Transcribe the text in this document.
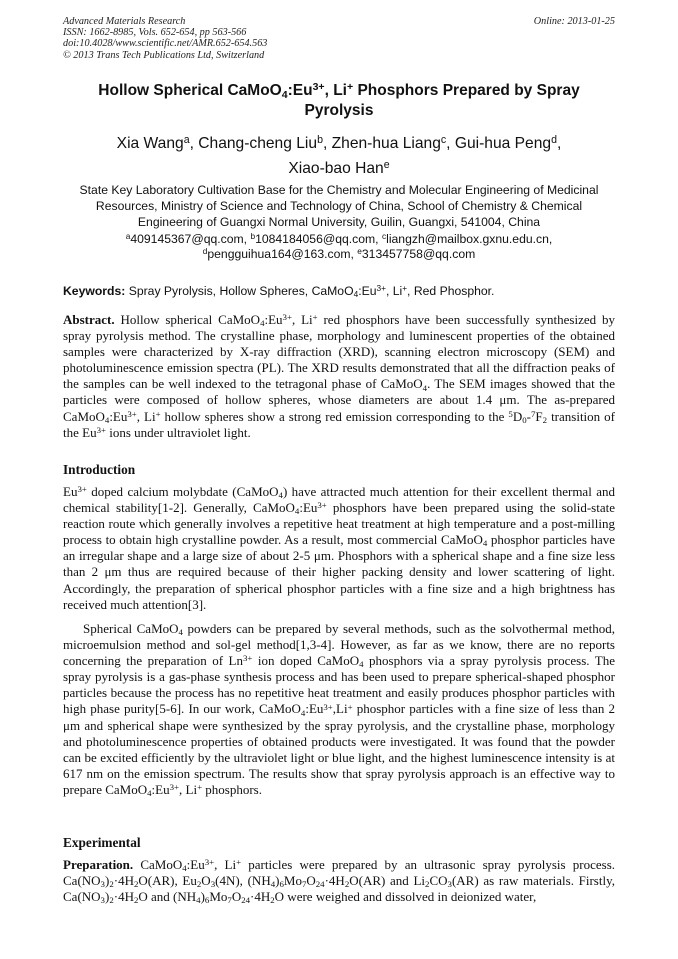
Advanced Materials Research
ISSN: 1662-8985, Vols. 652-654, pp 563-566
doi:10.4028/www.scientific.net/AMR.652-654.563
© 2013 Trans Tech Publications Ltd, Switzerland
Online: 2013-01-25
Hollow Spherical $CaMoO_4:Eu^{3+}$, Li+ Phosphors Prepared by Spray Pyrolysis
Xia Wang$^a$, Chang-cheng Liu$^b$, Zhen-hua Liang$^c$, Gui-hua Peng$^d$,
Xiao-bao Han$^e$
State Key Laboratory Cultivation Base for the Chemistry and Molecular Engineering of Medicinal Resources, Ministry of Science and Technology of China, School of Chemistry & Chemical Engineering of Guangxi Normal University, Guilin, Guangxi, 541004, China
$^a$409145367@qq.com, $^b$1084184056@qq.com, $^c$liangzh@mailbox.gxnu.edu.cn,
$^d$pengguihua164@163.com, $^e$313457758@qq.com
Keywords: Spray Pyrolysis, Hollow Spheres, $CaMoO_4:Eu^{3+}$, Li+, Red Phosphor.
Abstract. Hollow spherical $CaMoO_4:Eu^{3+}$, Li+ red phosphors have been successfully synthesized by spray pyrolysis method. The crystalline phase, morphology and luminescent properties of the obtained samples were characterized by X-ray diffraction (XRD), scanning electron microscopy (SEM) and photoluminescence emission spectra (PL). The XRD results demonstrated that all the diffraction peaks of the samples can be well indexed to the tetragonal phase of CaMoO$_4$. The SEM images showed that the particles were composed of hollow spheres, whose diameters are about 1.4 μm. The as-prepared $CaMoO_4:Eu^{3+}$, Li+ hollow spheres show a strong red emission corresponding to the $^5D_0-^7F_2$ transition of the $Eu^{3+}$ ions under ultraviolet light.
Introduction
$Eu^{3+}$ doped calcium molybdate (CaMoO$_4$) have attracted much attention for their excellent thermal and chemical stability[1-2]. Generally, $CaMoO_4:Eu^{3+}$ phosphors have been prepared using the solid-state reaction route which generally involves a repetitive heat treatment at high temperature and a post-milling process to obtain high crystalline powder. As a result, most commercial CaMoO$_4$ phosphor particles have an irregular shape and a large size of about 2-5 μm. Phosphors with a spherical shape and a fine size less than 2 μm thus are required because of their higher packing density and lower scattering of light. Accordingly, the preparation of spherical phosphor particles with a fine size and a high brightness has received much attention[3].
Spherical CaMoO$_4$ powders can be prepared by several methods, such as the solvothermal method, microemulsion method and sol-gel method[1,3-4]. However, as far as we know, there are no reports concerning the preparation of $Ln^{3+}$ ion doped CaMoO$_4$ phosphors via a spray pyrolysis process. The spray pyrolysis is a gas-phase synthesis process and has been used to prepare spherical-shaped phosphor particles because the process has no repetitive heat treatment and easily produces phosphor particles with high phase purity[5-6]. In our work, $CaMoO_4:Eu^{3+},Li^+$ phosphor particles with a fine size of less than 2 μm and spherical shape were synthesized by the spray pyrolysis, and the crystalline phase, morphology and photoluminescence properties of obtained products were investigated. It was found that the powder can be excited efficiently by the ultraviolet light or blue light, and the highest luminescence intensity is at 617 nm on the emission spectrum. The results show that spray pyrolysis approach is an effective way to prepare $CaMoO_4:Eu^{3+}$, Li+ phosphors.
Experimental
Preparation. $CaMoO_4:Eu^{3+}$, Li+ particles were prepared by an ultrasonic spray pyrolysis process. $Ca(NO_3)_2\cdot 4H_2O(AR)$, $Eu_2O_3(4N)$, $(NH_4)_6Mo_7O_{24}\cdot 4H_2O(AR)$ and $Li_2CO_3(AR)$ as raw materials. Firstly, $Ca(NO_3)_2\cdot 4H_2O$ and $(NH_4)_6Mo_7O_{24}\cdot 4H_2O$ were weighed and dissolved in deionized water,
